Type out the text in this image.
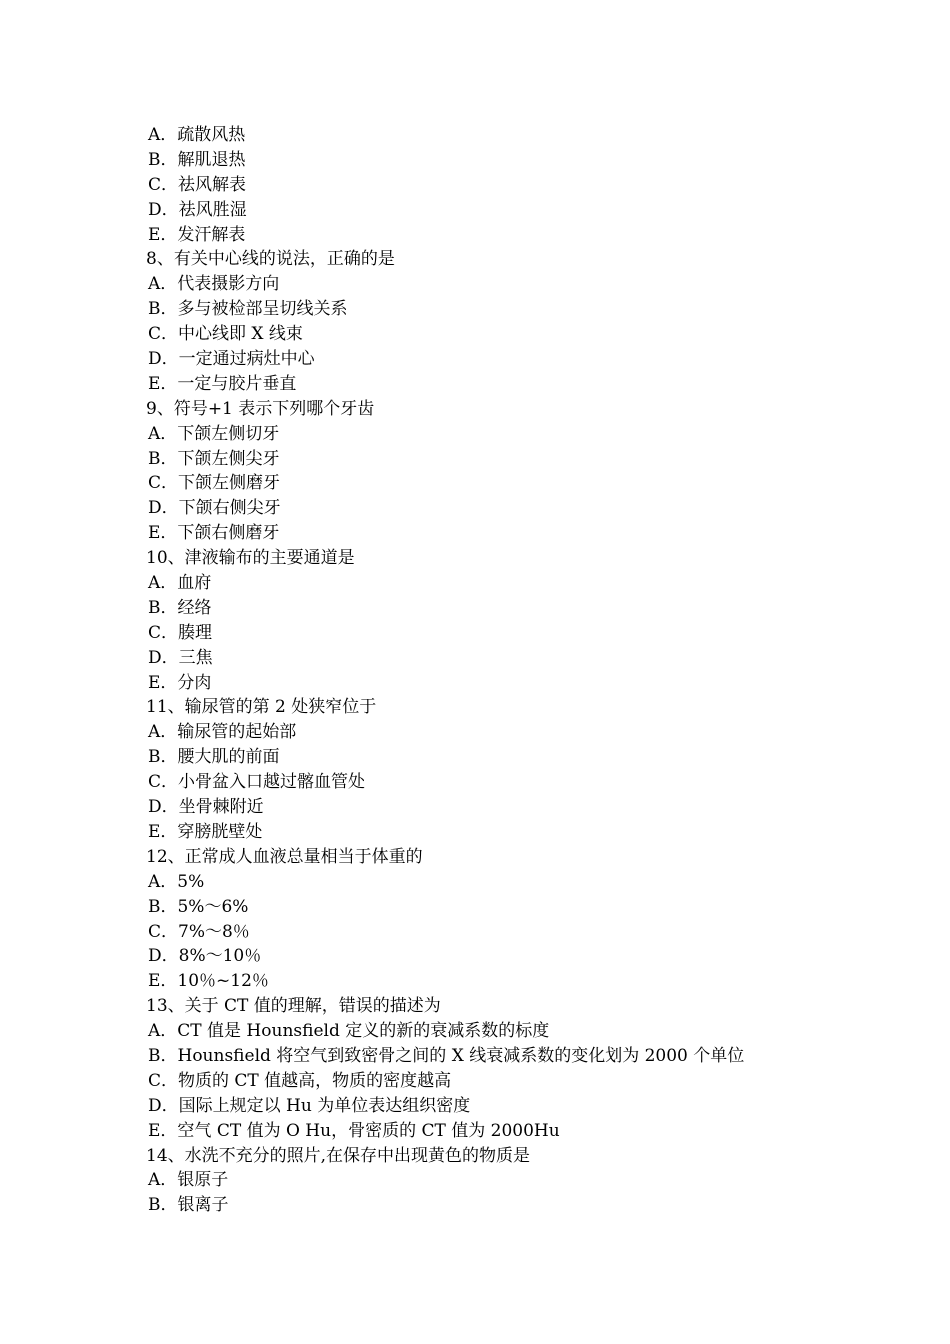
A．疏散风热
B．解肌退热
C．祛风解表
D．祛风胜湿
E．发汗解表
8、有关中心线的说法，正确的是
A．代表摄影方向
B．多与被检部呈切线关系
C．中心线即 X 线束
D．一定通过病灶中心
E．一定与胶片垂直
9、符号+1 表示下列哪个牙齿
A．下颌左侧切牙
B．下颌左侧尖牙
C．下颌左侧磨牙
D．下颌右侧尖牙
E．下颌右侧磨牙
10、津液输布的主要通道是
A．血府
B．经络
C．腠理
D．三焦
E．分肉
11、输尿管的第 2 处狭窄位于
A．输尿管的起始部
B．腰大肌的前面
C．小骨盆入口越过髂血管处
D．坐骨棘附近
E．穿膀胱壁处
12、正常成人血液总量相当于体重的
A．5%
B．5%～6%
C．7%～8％
D．8%～10％
E．10％~12％
13、关于 CT 值的理解，错误的描述为
A．CT 值是 Hounsfield 定义的新的衰减系数的标度
B．Hounsfield 将空气到致密骨之间的 X 线衰减系数的变化划为 2000 个单位
C．物质的 CT 值越高，物质的密度越高
D．国际上规定以 Hu 为单位表达组织密度
E．空气 CT 值为 O Hu，骨密质的 CT 值为 2000Hu
14、水洗不充分的照片,在保存中出现黄色的物质是
A．银原子
B．银离子
